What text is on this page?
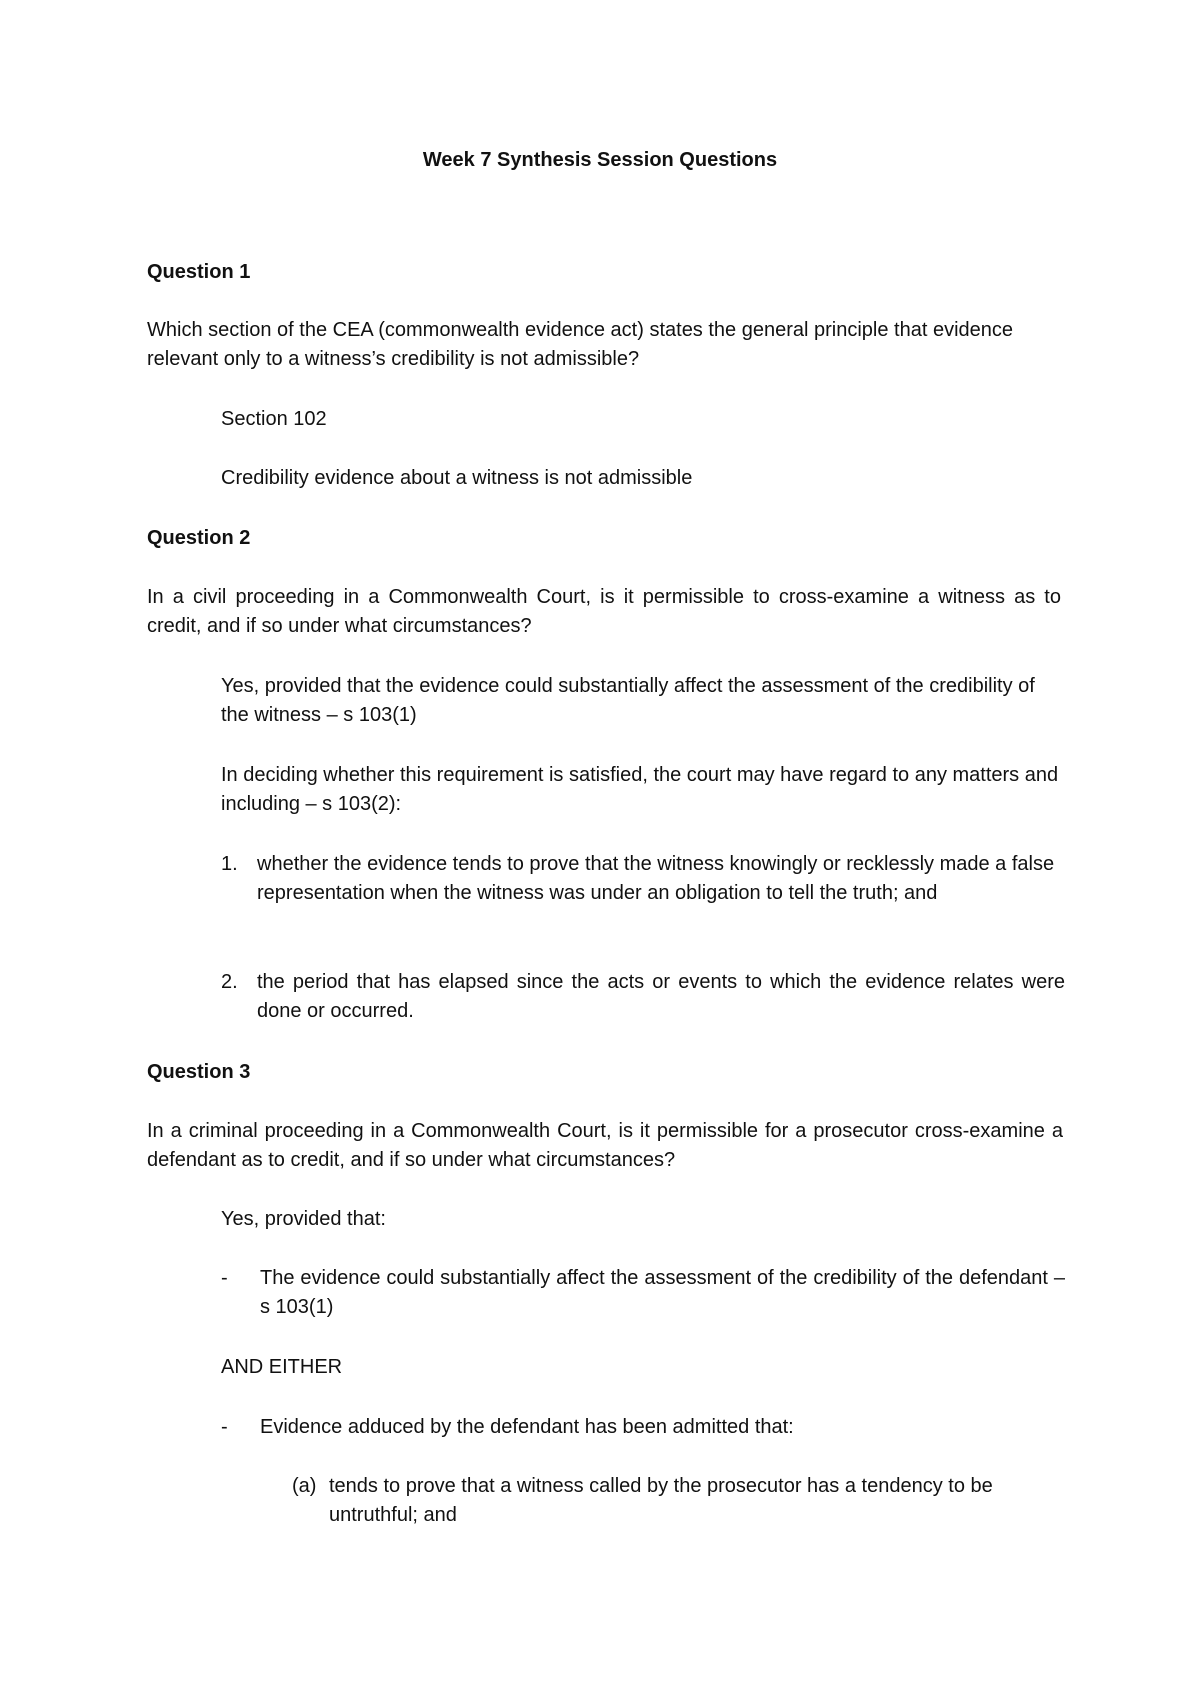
Week 7 Synthesis Session Questions

Question 1

Which section of the CEA (commonwealth evidence act) states the general principle that evidence relevant only to a witness’s credibility is not admissible?

Section 102

Credibility evidence about a witness is not admissible

Question 2

In a civil proceeding in a Commonwealth Court, is it permissible to cross-examine a witness as to credit, and if so under what circumstances?

Yes, provided that the evidence could substantially affect the assessment of the credibility of the witness – s 103(1)

In deciding whether this requirement is satisfied, the court may have regard to any matters and including – s 103(2):

1. whether the evidence tends to prove that the witness knowingly or recklessly made a false representation when the witness was under an obligation to tell the truth; and

2. the period that has elapsed since the acts or events to which the evidence relates were done or occurred.

Question 3

In a criminal proceeding in a Commonwealth Court, is it permissible for a prosecutor cross-examine a defendant as to credit, and if so under what circumstances?

Yes, provided that:

- The evidence could substantially affect the assessment of the credibility of the defendant – s 103(1)

AND EITHER

- Evidence adduced by the defendant has been admitted that:

(a) tends to prove that a witness called by the prosecutor has a tendency to be untruthful; and
